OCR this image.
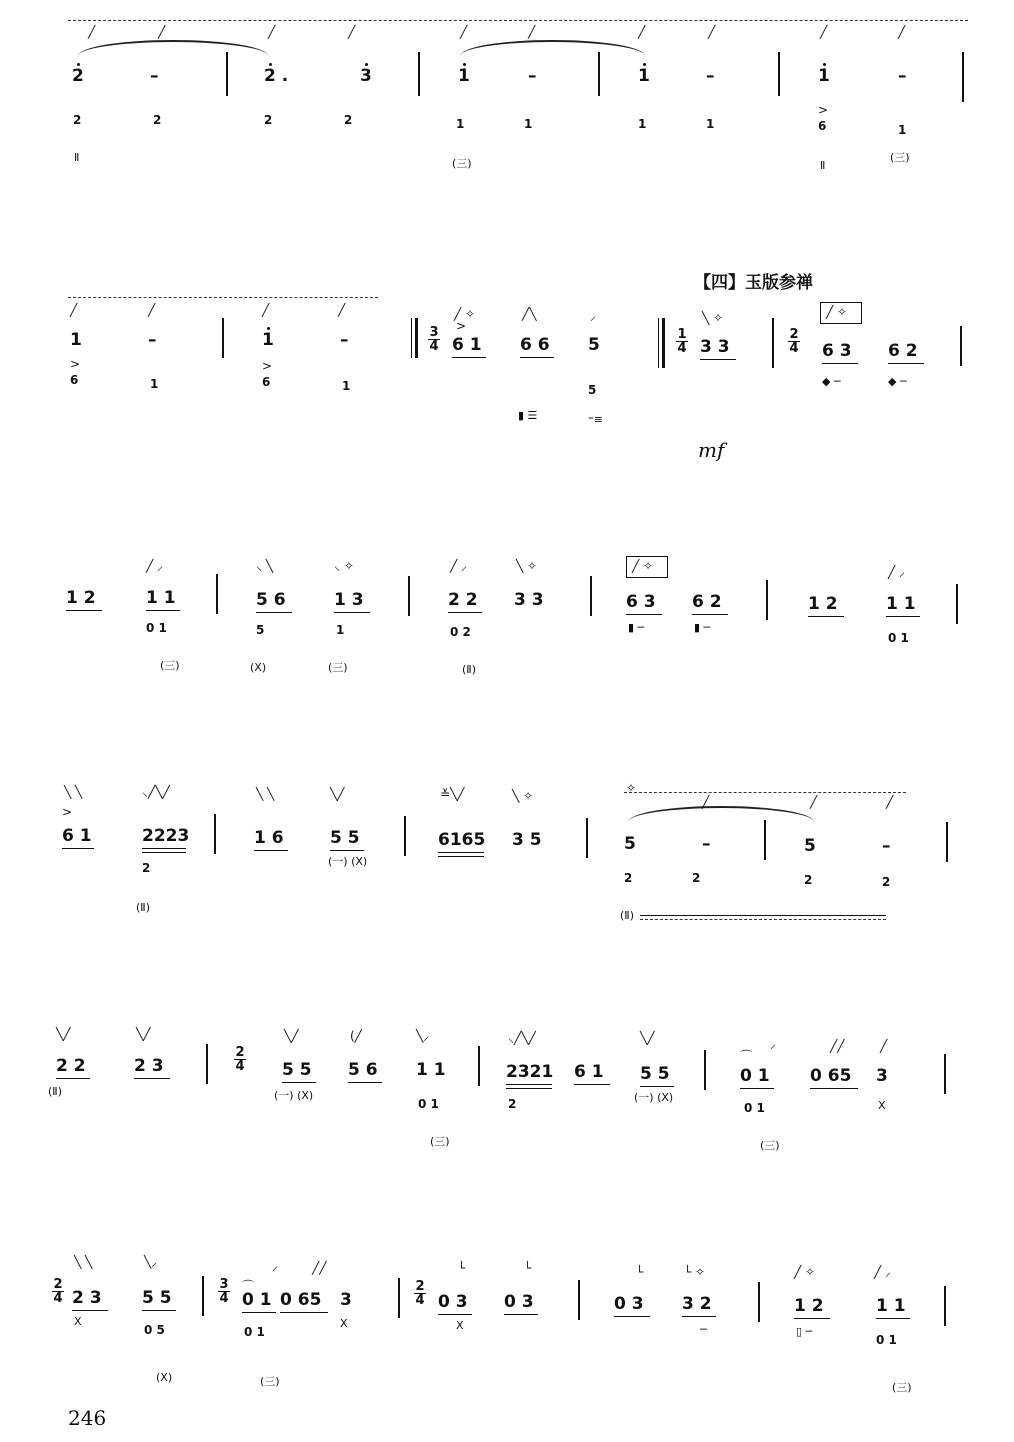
╱	╱	╱	╱	╱	╱	╱	╱	╱	╱
2	–	2 .	3	1	–	1	–	1	–
2	2	2	2	1	1	1	1
>
6	1
Ⅱ	(三)	Ⅱ
(三)
【四】玉版参禅
╱	╱	╱	╱
1	–	1	–
>
6	1
>
6	1
3
4
╱ ✧
>
6 1
╱╲
6 6
⸝
5
5
▮ ☰	⁼≡
1
4
╲ ✧
3 3
2
4
╱ ✧
6 3 6 2
◆ ─	◆ ─
mf
1 2
╱ ⸝
1 1
0 1
(三)
⸜ ╲
5 6
⸜ ✧
1 3
5	1
(X)	(三)
╱ ⸝
2 2
0 2
(Ⅱ)
╲ ✧
3 3
╱ ✧
6 3 6 2
▮ ─	▮ ─
1 2
╱ ⸝
1 1
0 1
╲ ╲
>
6 1
⸜╱╲╱
2223
2
(Ⅱ)
╲ ╲
1 6
╲╱
5 5
(一) (X)
≚╲╱
6165
╲ ✧
3 5
✧
╱	╱	╱
5	–	5	–
2	2	2	2
(Ⅱ)
╲╱
2 2
(Ⅱ)
╲╱
2 3
2
4
╲╱
5 5
(一) (X)
(╱
5 6
╲⸝
1 1
0 1
(三)
⸜╱╲╱
2321
2
6 1
╲╱
5 5
(一) (X)
⌒
⸝
0 1
0 1
(三)
╱╱
0 65
╱
3
X
2
4
╲ ╲
2 3
X
╲⸝
5 5
0 5
(X)
3
4
⌒
⸝
0 1
0 1
(三)
╱╱
0 65 3
X
2
4
└
0 3
X
└
0 3
└
0 3
└ ✧
3 2
─
╱ ✧
1 2
▯ ─
╱ ⸝
1 1
0 1
(三)
246
